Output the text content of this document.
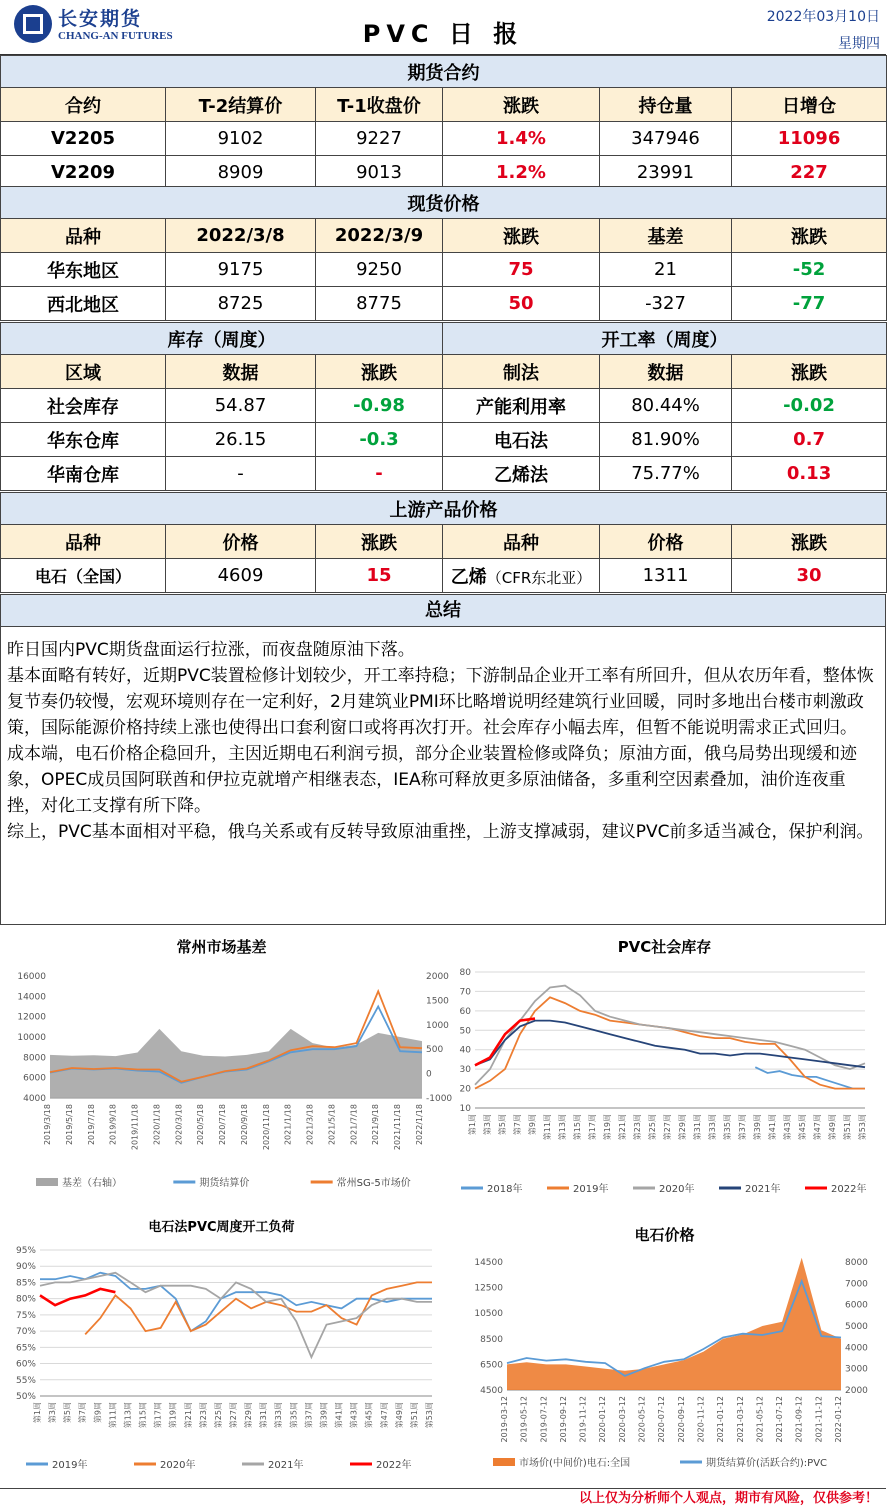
长安期货
CHANG-AN FUTURES	PVC 日 报
2022年03月10日
星期四
期货合约					
合约	T-2结算价	T-1收盘价	涨跌	持仓量	日增仓
V2205	9102	9227	1.4%	347946	11096
V2209	8909	9013	1.2%	23991	227
现货价格					
品种	2022/3/8	2022/3/9	涨跌	基差	涨跌
华东地区	9175	9250	75	21	-52
西北地区	8725	8775	50	-327	-77
库存（周度）			开工率（周度）		
区域	数据	涨跌	制法	数据	涨跌
社会库存	54.87	-0.98	产能利用率	80.44%	-0.02
华东仓库	26.15	-0.3	电石法	81.90%	0.7
华南仓库	-	-	乙烯法	75.77%	0.13
上游产品价格					
品种	价格	涨跌	品种	价格	涨跌
电石（全国）	4609	15	乙烯（CFR东北亚）	1311	30
总结

昨日国内PVC期货盘面运行拉涨，而夜盘随原油下落。

基本面略有转好，近期PVC装置检修计划较少，开工率持稳；下游制品企业开工率有所回升，但从农历年看，整体恢复节奏仍较慢，宏观环境则存在一定利好，2月建筑业PMI环比略增说明经建筑行业回暖，同时多地出台楼市刺激政策，国际能源价格持续上涨也使得出口套利窗口或将再次打开。社会库存小幅去库，但暂不能说明需求正式回归。

成本端，电石价格企稳回升，主因近期电石利润亏损，部分企业装置检修或降负；原油方面，俄乌局势出现缓和迹象，OPEC成员国阿联酋和伊拉克就增产相继表态，IEA称可释放更多原油储备，多重利空因素叠加，油价连夜重挫，对化工支撑有所下降。

综上，PVC基本面相对平稳，俄乌关系或有反转导致原油重挫，上游支撑减弱，建议PVC前多适当减仓，保护利润。

常州市场基差
16000
14000
12000
10000
8000
6000
4000
2000
1500
1000
500
0
-1000
2019/3/18 2019/5/18 2019/7/18 2019/9/18 2019/11/18 2020/1/18 2020/3/18 2020/5/18 2020/7/18 2020/9/18 2020/11/18 2021/1/18 2021/3/18 2021/5/18 2021/7/18 2021/9/18 2021/11/18 2022/1/18
基差（右轴）	期货结算价	常州SG-5市场价
PVC社会库存
80
70
60
50
40
30
20
10
第1周 第3周 第5周 第7周 第9周 第11周 第13周 第15周 第17周 第19周 第21周 第23周 第25周 第27周 第29周 第31周 第33周 第35周 第37周 第39周 第41周 第43周 第45周 第47周 第49周 第51周 第53周
2018年	2019年	2020年	2021年	2022年
电石法PVC周度开工负荷
95%
90%
85%
80%
75%
70%
65%
60%
55%
50%
第1周 第3周 第5周 第7周 第9周 第11周 第13周 第15周 第17周 第19周 第21周 第23周 第25周 第27周 第29周 第31周 第33周 第35周 第37周 第39周 第41周 第43周 第45周 第47周 第49周 第51周 第53周
2019年	2020年	2021年	2022年
电石价格
14500
12500
10500
8500
6500
4500
8000
7000
6000
5000
4000
3000
2000
2019-03-12 2019-05-12 2019-07-12 2019-09-12 2019-11-12 2020-01-12 2020-03-12 2020-05-12 2020-07-12 2020-09-12 2020-11-12 2021-01-12 2021-03-12 2021-05-12 2021-07-12 2021-09-12 2021-11-12 2022-01-12
市场价(中间价)电石:全国	期货结算价(活跃合约):PVC
以上仅为分析师个人观点，期市有风险，仅供参考！
